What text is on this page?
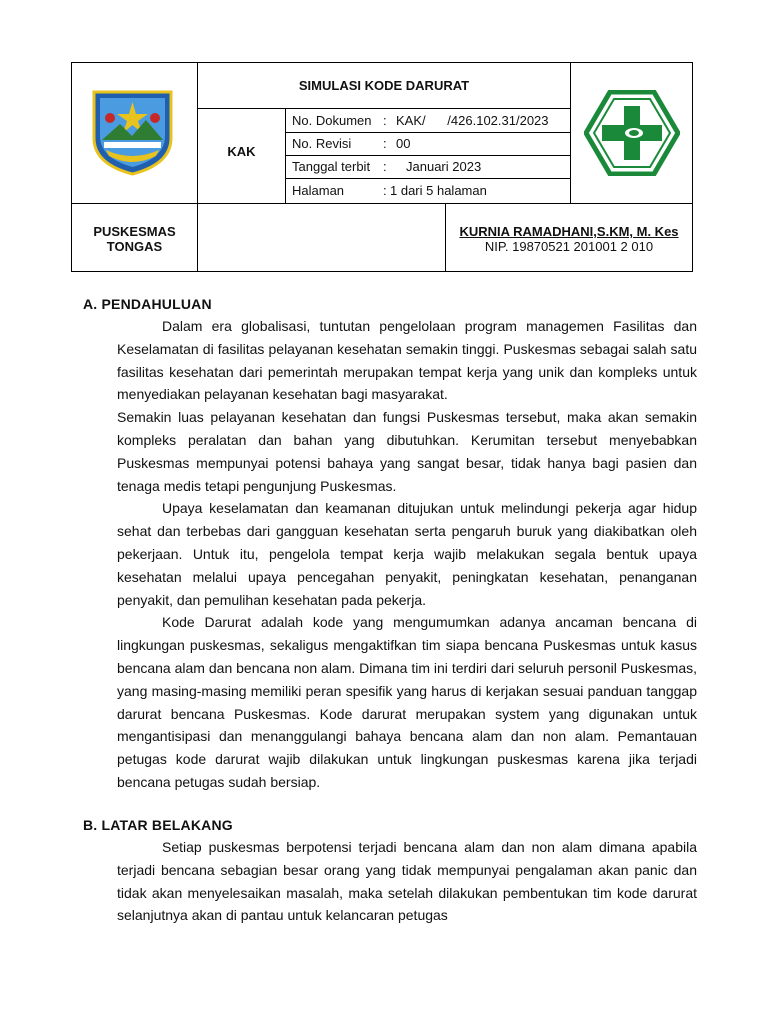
SIMULASI KODE DARURAT
KAK
No. Dokumen : KAK/      /426.102.31/2023
No. Revisi : 00
Tanggal terbit : Januari 2023
Halaman	: 1 dari 5 halaman
PUSKESMAS
TONGAS
KURNIA RAMADHANI,S.KM, M. Kes
NIP. 19870521 201001 2 010
A. PENDAHULUAN

Dalam era globalisasi, tuntutan pengelolaan program managemen Fasilitas dan Keselamatan di fasilitas pelayanan kesehatan semakin tinggi. Puskesmas sebagai salah satu fasilitas kesehatan dari pemerintah merupakan tempat kerja yang unik dan kompleks untuk menyediakan pelayanan kesehatan bagi masyarakat.

Semakin luas pelayanan kesehatan dan fungsi Puskesmas tersebut, maka akan semakin kompleks peralatan dan bahan yang dibutuhkan. Kerumitan tersebut menyebabkan Puskesmas mempunyai potensi bahaya yang sangat besar, tidak hanya bagi pasien dan tenaga medis tetapi pengunjung Puskesmas.

Upaya keselamatan dan keamanan ditujukan untuk melindungi pekerja agar hidup sehat dan terbebas dari gangguan kesehatan serta pengaruh buruk yang diakibatkan oleh pekerjaan. Untuk itu, pengelola tempat kerja wajib melakukan segala bentuk upaya kesehatan melalui upaya pencegahan penyakit, peningkatan kesehatan, penanganan penyakit, dan pemulihan kesehatan pada pekerja.

Kode Darurat adalah kode yang mengumumkan adanya ancaman bencana di lingkungan puskesmas, sekaligus mengaktifkan tim siapa bencana Puskesmas untuk kasus bencana alam dan bencana non alam. Dimana tim ini terdiri dari seluruh personil Puskesmas, yang masing-masing memiliki peran spesifik yang harus di kerjakan sesuai panduan tanggap darurat bencana Puskesmas. Kode darurat merupakan system yang digunakan untuk mengantisipasi dan menanggulangi bahaya bencana alam dan non alam. Pemantauan petugas kode darurat wajib dilakukan untuk lingkungan puskesmas karena jika terjadi bencana petugas sudah bersiap.

B. LATAR BELAKANG

Setiap puskesmas berpotensi terjadi bencana alam dan non alam dimana apabila terjadi bencana sebagian besar orang yang tidak mempunyai pengalaman akan panic dan tidak akan menyelesaikan masalah, maka setelah dilakukan pembentukan tim kode darurat selanjutnya akan di pantau untuk kelancaran petugas
